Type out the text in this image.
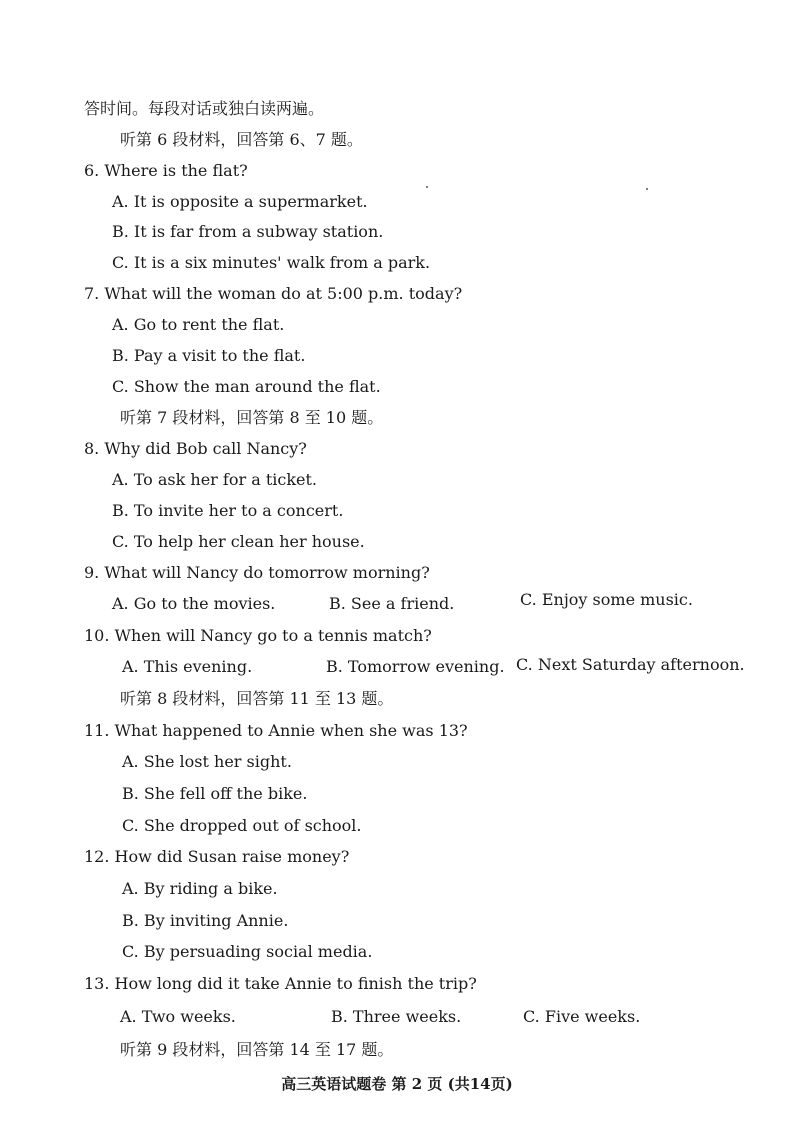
答时间。每段对话或独白读两遍。
听第 6 段材料，回答第 6、7 题。
6. Where is the flat?
A. It is opposite a supermarket.
B. It is far from a subway station.
C. It is a six minutes' walk from a park.
7. What will the woman do at 5:00 p.m. today?
A. Go to rent the flat.
B. Pay a visit to the flat.
C. Show the man around the flat.
听第 7 段材料，回答第 8 至 10 题。
8. Why did Bob call Nancy?
A. To ask her for a ticket.
B. To invite her to a concert.
C. To help her clean her house.
9. What will Nancy do tomorrow morning?
A. Go to the movies.	B. See a friend.	C. Enjoy some music.
10. When will Nancy go to a tennis match?
A. This evening.	B. Tomorrow evening. C. Next Saturday afternoon.
听第 8 段材料，回答第 11 至 13 题。
11. What happened to Annie when she was 13?
A. She lost her sight.
B. She fell off the bike.
C. She dropped out of school.
12. How did Susan raise money?
A. By riding a bike.
B. By inviting Annie.
C. By persuading social media.
13. How long did it take Annie to finish the trip?
A. Two weeks.	B. Three weeks.	C. Five weeks.
听第 9 段材料，回答第 14 至 17 题。
高三英语试题卷 第 2 页 (共14页)
